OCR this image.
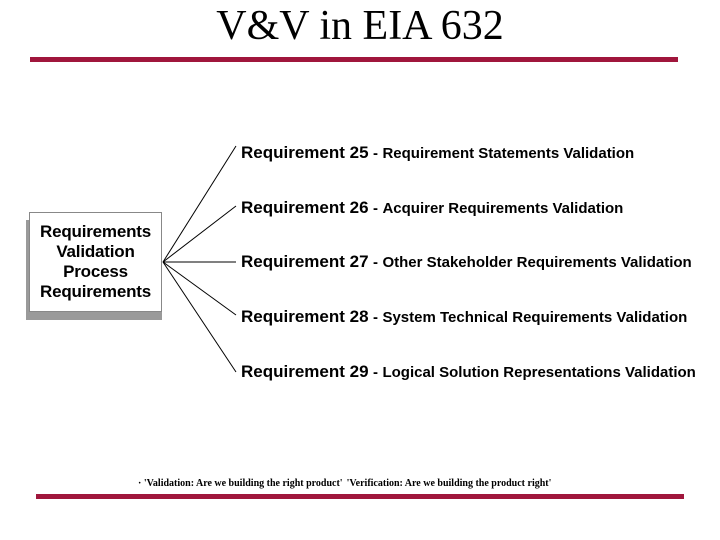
V&V in EIA 632
Requirements
Validation
Process
Requirements
Requirement 25 - Requirement Statements Validation
Requirement 26 - Acquirer Requirements Validation
Requirement 27 - Other Stakeholder Requirements Validation
Requirement 28 - System Technical Requirements Validation
Requirement 29 - Logical Solution Representations Validation
· 'Validation: Are we building the right product' 'Verification: Are we building the product right'
